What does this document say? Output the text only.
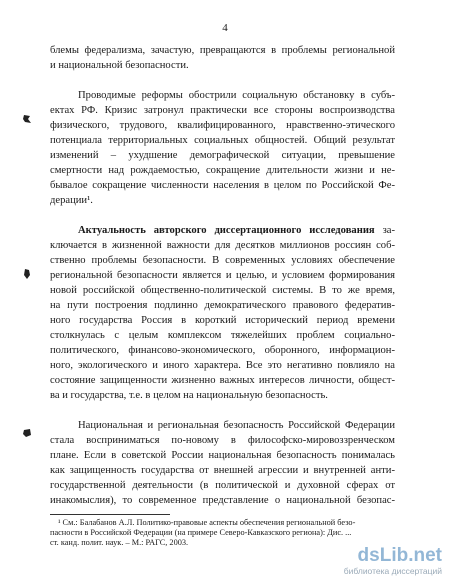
4
блемы федерализма, зачастую, превращаются в проблемы региональной
и национальной безопасности.
Проводимые реформы обострили социальную обстановку в субъ-
ектах РФ. Кризис затронул практически все стороны воспроизводства
физического, трудового, квалифицированного, нравственно-этического
потенциала территориальных социальных общностей. Общий результат
изменений – ухудшение демографической ситуации, превышение
смертности над рождаемостью, сокращение длительности жизни и не-
бывалое сокращение численности населения в целом по Российской Фе-
дерации¹.
Актуальность авторского диссертационного исследования за-
ключается в жизненной важности для десятков миллионов россиян соб-
ственно проблемы безопасности. В современных условиях обеспечение
региональной безопасности является и целью, и условием формирования
новой российской общественно-политической системы. В то же время,
на пути построения подлинно демократического правового федератив-
ного государства Россия в короткий исторический период времени
столкнулась с целым комплексом тяжелейших проблем социально-
политического, финансово-экономического, оборонного, информацион-
ного, экологического и иного характера. Все это негативно повлияло на
состояние защищенности жизненно важных интересов личности, общест-
ва и государства, т.е. в целом на национальную безопасность.
Национальная и региональная безопасность Российской Федерации
стала восприниматься по-новому в философско-мировоззренческом
плане. Если в советской России национальная безопасность понималась
как защищенность государства от внешней агрессии и внутренней анти-
государственной деятельности (в политической и духовной сферах от
инакомыслия), то современное представление о национальной безопас-
¹ См.: Балабанов А.Л. Политико-правовые аспекты обеспечения региональной безо-
пасности в Российской Федерации (на примере Северо-Кавказского региона): Дис. ...
ст. канд. полит. наук. – М.: РАГС, 2003.
dsLib.net
библиотека диссертаций
